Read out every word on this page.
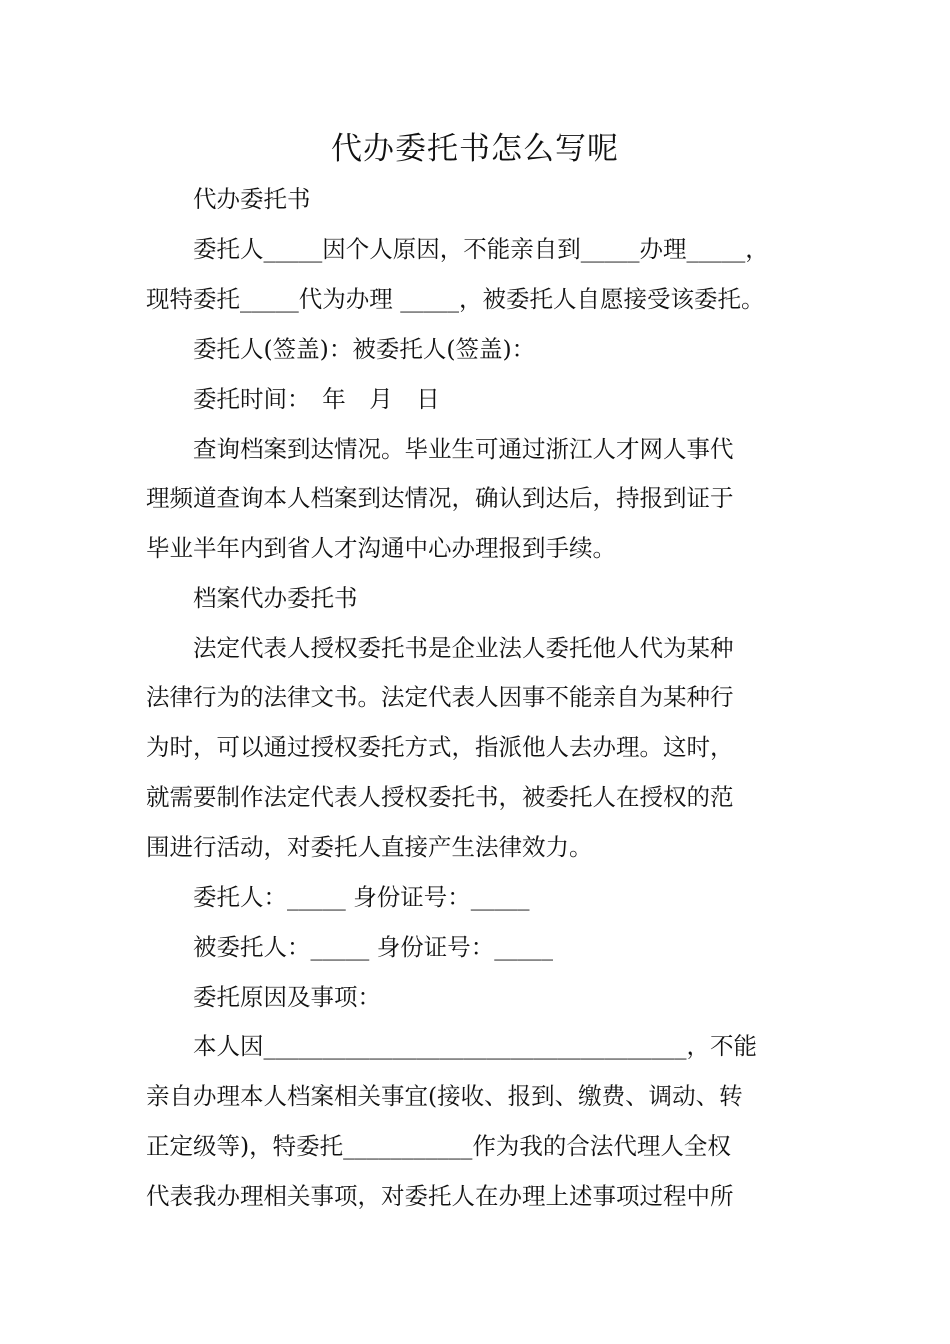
代办委托书怎么写呢

　　代办委托书

　　委托人_____因个人原因，不能亲自到_____办理_____，

现特委托_____代为办理 _____，被委托人自愿接受该委托。

　　委托人(签盖)：被委托人(签盖)：

　　委托时间：　年　月　日

　　查询档案到达情况。毕业生可通过浙江人才网人事代

理频道查询本人档案到达情况，确认到达后，持报到证于

毕业半年内到省人才沟通中心办理报到手续。

　　档案代办委托书

　　法定代表人授权委托书是企业法人委托他人代为某种

法律行为的法律文书。法定代表人因事不能亲自为某种行

为时，可以通过授权委托方式，指派他人去办理。这时，

就需要制作法定代表人授权委托书，被委托人在授权的范

围进行活动，对委托人直接产生法律效力。

　　委托人：_____ 身份证号：_____

　　被委托人：_____ 身份证号：_____

　　委托原因及事项：

　　本人因____________________________________，不能

亲自办理本人档案相关事宜(接收、报到、缴费、调动、转

正定级等)，特委托___________作为我的合法代理人全权

代表我办理相关事项，对委托人在办理上述事项过程中所
